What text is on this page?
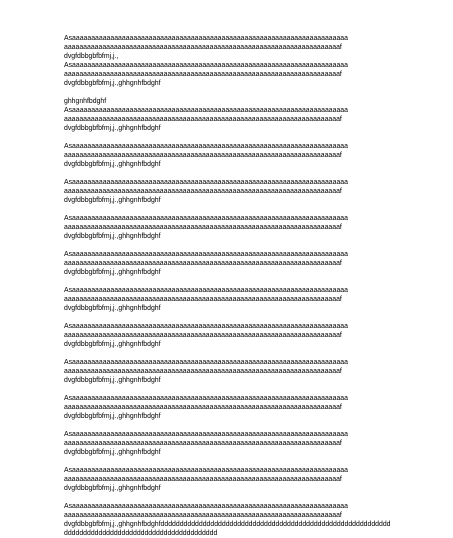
Asaaaaaaaaaaaaaaaaaaaaaaaaaaaaaaaaaaaaaaaaaaaaaaaaaaaaaaaaaaaaaaaaaaaaaaaa
aaaaaaaaaaaaaaaaaaaaaaaaaaaaaaaaaaaaaaaaaaaaaaaaaaaaaaaaaaaaaaaaaaaaaaaaf
dvgfdbbgbfbfmj,j.,
Asaaaaaaaaaaaaaaaaaaaaaaaaaaaaaaaaaaaaaaaaaaaaaaaaaaaaaaaaaaaaaaaaaaaaaaaa
aaaaaaaaaaaaaaaaaaaaaaaaaaaaaaaaaaaaaaaaaaaaaaaaaaaaaaaaaaaaaaaaaaaaaaaaf
dvgfdbbgbfbfmj,j.,ghhgnhfbdghf
ghhgnhfbdghf
Asaaaaaaaaaaaaaaaaaaaaaaaaaaaaaaaaaaaaaaaaaaaaaaaaaaaaaaaaaaaaaaaaaaaaaaaa
aaaaaaaaaaaaaaaaaaaaaaaaaaaaaaaaaaaaaaaaaaaaaaaaaaaaaaaaaaaaaaaaaaaaaaaaf
dvgfdbbgbfbfmj,j.,ghhgnhfbdghf
Asaaaaaaaaaaaaaaaaaaaaaaaaaaaaaaaaaaaaaaaaaaaaaaaaaaaaaaaaaaaaaaaaaaaaaaaa
aaaaaaaaaaaaaaaaaaaaaaaaaaaaaaaaaaaaaaaaaaaaaaaaaaaaaaaaaaaaaaaaaaaaaaaaf
dvgfdbbgbfbfmj,j.,ghhgnhfbdghf
Asaaaaaaaaaaaaaaaaaaaaaaaaaaaaaaaaaaaaaaaaaaaaaaaaaaaaaaaaaaaaaaaaaaaaaaaa
aaaaaaaaaaaaaaaaaaaaaaaaaaaaaaaaaaaaaaaaaaaaaaaaaaaaaaaaaaaaaaaaaaaaaaaaf
dvgfdbbgbfbfmj,j.,ghhgnhfbdghf
Asaaaaaaaaaaaaaaaaaaaaaaaaaaaaaaaaaaaaaaaaaaaaaaaaaaaaaaaaaaaaaaaaaaaaaaaa
aaaaaaaaaaaaaaaaaaaaaaaaaaaaaaaaaaaaaaaaaaaaaaaaaaaaaaaaaaaaaaaaaaaaaaaaf
dvgfdbbgbfbfmj,j.,ghhgnhfbdghf
Asaaaaaaaaaaaaaaaaaaaaaaaaaaaaaaaaaaaaaaaaaaaaaaaaaaaaaaaaaaaaaaaaaaaaaaaa
aaaaaaaaaaaaaaaaaaaaaaaaaaaaaaaaaaaaaaaaaaaaaaaaaaaaaaaaaaaaaaaaaaaaaaaaf
dvgfdbbgbfbfmj,j.,ghhgnhfbdghf
Asaaaaaaaaaaaaaaaaaaaaaaaaaaaaaaaaaaaaaaaaaaaaaaaaaaaaaaaaaaaaaaaaaaaaaaaa
aaaaaaaaaaaaaaaaaaaaaaaaaaaaaaaaaaaaaaaaaaaaaaaaaaaaaaaaaaaaaaaaaaaaaaaaf
dvgfdbbgbfbfmj,j.,ghhgnhfbdghf
Asaaaaaaaaaaaaaaaaaaaaaaaaaaaaaaaaaaaaaaaaaaaaaaaaaaaaaaaaaaaaaaaaaaaaaaaa
aaaaaaaaaaaaaaaaaaaaaaaaaaaaaaaaaaaaaaaaaaaaaaaaaaaaaaaaaaaaaaaaaaaaaaaaf
dvgfdbbgbfbfmj,j.,ghhgnhfbdghf
Asaaaaaaaaaaaaaaaaaaaaaaaaaaaaaaaaaaaaaaaaaaaaaaaaaaaaaaaaaaaaaaaaaaaaaaaa
aaaaaaaaaaaaaaaaaaaaaaaaaaaaaaaaaaaaaaaaaaaaaaaaaaaaaaaaaaaaaaaaaaaaaaaaf
dvgfdbbgbfbfmj,j.,ghhgnhfbdghf
Asaaaaaaaaaaaaaaaaaaaaaaaaaaaaaaaaaaaaaaaaaaaaaaaaaaaaaaaaaaaaaaaaaaaaaaaa
aaaaaaaaaaaaaaaaaaaaaaaaaaaaaaaaaaaaaaaaaaaaaaaaaaaaaaaaaaaaaaaaaaaaaaaaf
dvgfdbbgbfbfmj,j.,ghhgnhfbdghf
Asaaaaaaaaaaaaaaaaaaaaaaaaaaaaaaaaaaaaaaaaaaaaaaaaaaaaaaaaaaaaaaaaaaaaaaaa
aaaaaaaaaaaaaaaaaaaaaaaaaaaaaaaaaaaaaaaaaaaaaaaaaaaaaaaaaaaaaaaaaaaaaaaaf
dvgfdbbgbfbfmj,j.,ghhgnhfbdghf
Asaaaaaaaaaaaaaaaaaaaaaaaaaaaaaaaaaaaaaaaaaaaaaaaaaaaaaaaaaaaaaaaaaaaaaaaa
aaaaaaaaaaaaaaaaaaaaaaaaaaaaaaaaaaaaaaaaaaaaaaaaaaaaaaaaaaaaaaaaaaaaaaaaf
dvgfdbbgbfbfmj,j.,ghhgnhfbdghf
Asaaaaaaaaaaaaaaaaaaaaaaaaaaaaaaaaaaaaaaaaaaaaaaaaaaaaaaaaaaaaaaaaaaaaaaaa
aaaaaaaaaaaaaaaaaaaaaaaaaaaaaaaaaaaaaaaaaaaaaaaaaaaaaaaaaaaaaaaaaaaaaaaaf
dvgfdbbgbfbfmj,j.,ghhgnhfbdghfdddddddddddddddddddddddddddddddddddddddddddddddddddddddddddddddddddddddddddddddddddddddddddddddddddd
